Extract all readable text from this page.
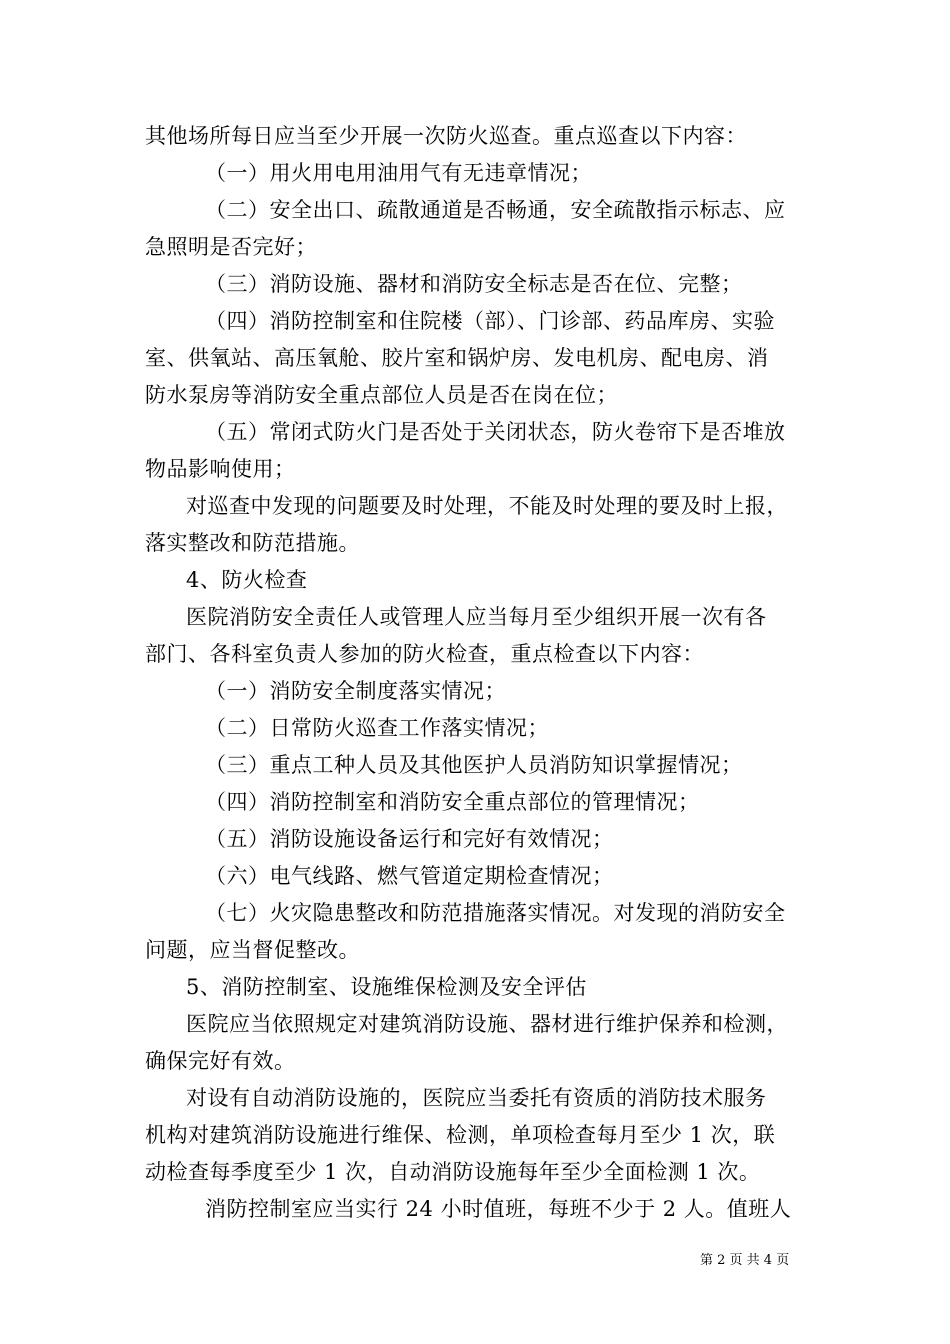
其他场所每日应当至少开展一次防火巡查。重点巡查以下内容：
（一）用火用电用油用气有无违章情况；
（二）安全出口、疏散通道是否畅通，安全疏散指示标志、应
急照明是否完好；
（三）消防设施、器材和消防安全标志是否在位、完整；
（四）消防控制室和住院楼（部）、门诊部、药品库房、实验
室、供氧站、高压氧舱、胶片室和锅炉房、发电机房、配电房、消
防水泵房等消防安全重点部位人员是否在岗在位；
（五）常闭式防火门是否处于关闭状态，防火卷帘下是否堆放
物品影响使用；
对巡查中发现的问题要及时处理，不能及时处理的要及时上报，
落实整改和防范措施。
4、防火检查
医院消防安全责任人或管理人应当每月至少组织开展一次有各
部门、各科室负责人参加的防火检查，重点检查以下内容：
（一）消防安全制度落实情况；
（二）日常防火巡查工作落实情况；
（三）重点工种人员及其他医护人员消防知识掌握情况；
（四）消防控制室和消防安全重点部位的管理情况；
（五）消防设施设备运行和完好有效情况；
（六）电气线路、燃气管道定期检查情况；
（七）火灾隐患整改和防范措施落实情况。对发现的消防安全
问题，应当督促整改。
5、消防控制室、设施维保检测及安全评估
医院应当依照规定对建筑消防设施、器材进行维护保养和检测，
确保完好有效。
对设有自动消防设施的，医院应当委托有资质的消防技术服务
机构对建筑消防设施进行维保、检测，单项检查每月至少 1 次，联
动检查每季度至少 1 次，自动消防设施每年至少全面检测 1 次。
消防控制室应当实行 24 小时值班，每班不少于 2 人。值班人
第 2 页 共 4 页
